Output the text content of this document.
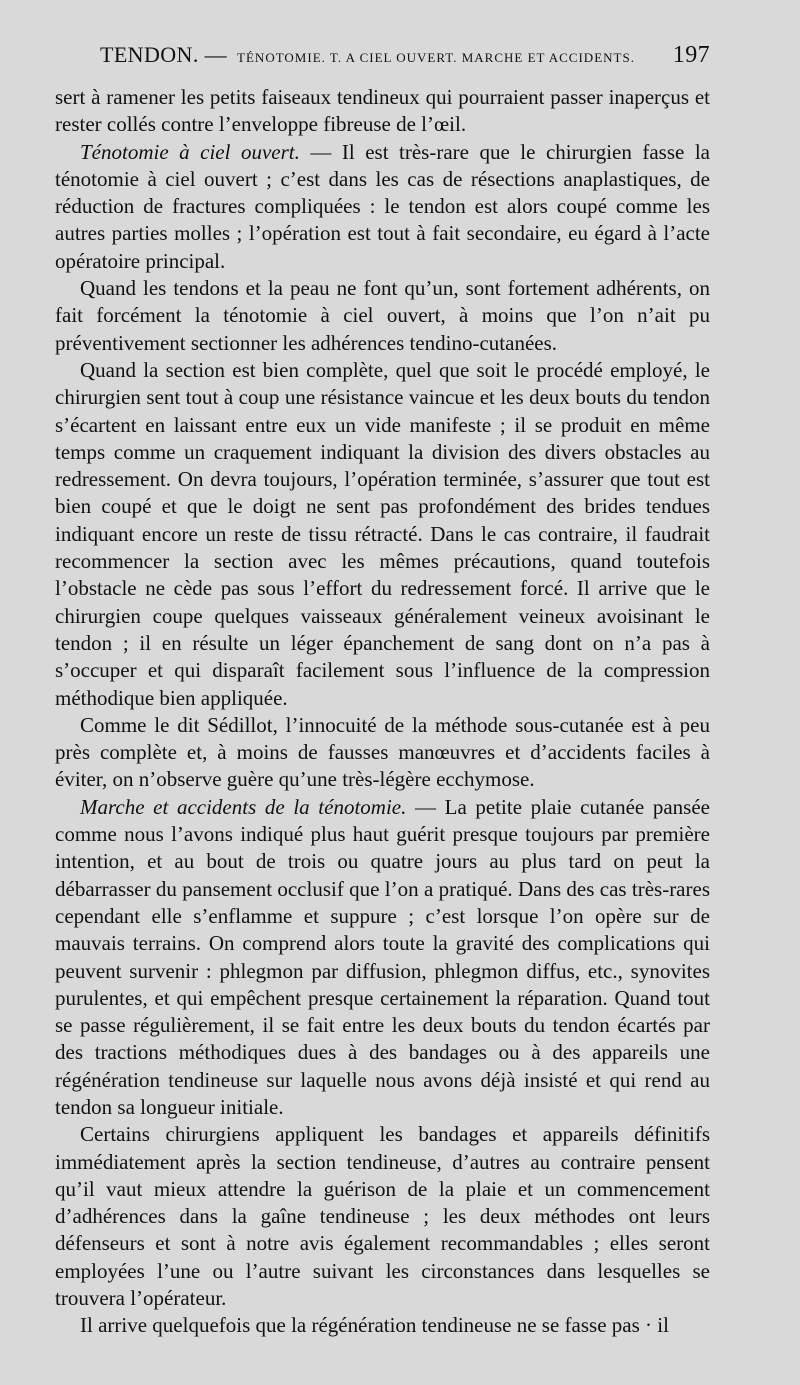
TENDON. — TÉNOTOMIE. T. A CIEL OUVERT. MARCHE ET ACCIDENTS.	197

sert à ramener les petits faiseaux tendineux qui pourraient passer inaperçus et rester collés contre l’enveloppe fibreuse de l’œil.

Ténotomie à ciel ouvert. — Il est très-rare que le chirurgien fasse la ténotomie à ciel ouvert ; c’est dans les cas de résections anaplastiques, de réduction de fractures compliquées : le tendon est alors coupé comme les autres parties molles ; l’opération est tout à fait secondaire, eu égard à l’acte opératoire principal.

Quand les tendons et la peau ne font qu’un, sont fortement adhérents, on fait forcément la ténotomie à ciel ouvert, à moins que l’on n’ait pu préventivement sectionner les adhérences tendino-cutanées.

Quand la section est bien complète, quel que soit le procédé employé, le chirurgien sent tout à coup une résistance vaincue et les deux bouts du tendon s’écartent en laissant entre eux un vide manifeste ; il se produit en même temps comme un craquement indiquant la division des divers obstacles au redressement. On devra toujours, l’opération terminée, s’assurer que tout est bien coupé et que le doigt ne sent pas profondément des brides tendues indiquant encore un reste de tissu rétracté. Dans le cas contraire, il faudrait recommencer la section avec les mêmes précautions, quand toutefois l’obstacle ne cède pas sous l’effort du redressement forcé. Il arrive que le chirurgien coupe quelques vaisseaux généralement veineux avoisinant le tendon ; il en résulte un léger épanchement de sang dont on n’a pas à s’occuper et qui disparaît facilement sous l’influence de la compression méthodique bien appliquée.

Comme le dit Sédillot, l’innocuité de la méthode sous-cutanée est à peu près complète et, à moins de fausses manœuvres et d’accidents faciles à éviter, on n’observe guère qu’une très-légère ecchymose.

Marche et accidents de la ténotomie. — La petite plaie cutanée pansée comme nous l’avons indiqué plus haut guérit presque toujours par première intention, et au bout de trois ou quatre jours au plus tard on peut la débarrasser du pansement occlusif que l’on a pratiqué. Dans des cas très-rares cependant elle s’enflamme et suppure ; c’est lorsque l’on opère sur de mauvais terrains. On comprend alors toute la gravité des complications qui peuvent survenir : phlegmon par diffusion, phlegmon diffus, etc., synovites purulentes, et qui empêchent presque certainement la réparation. Quand tout se passe régulièrement, il se fait entre les deux bouts du tendon écartés par des tractions méthodiques dues à des bandages ou à des appareils une régénération tendineuse sur laquelle nous avons déjà insisté et qui rend au tendon sa longueur initiale.

Certains chirurgiens appliquent les bandages et appareils définitifs immédiatement après la section tendineuse, d’autres au contraire pensent qu’il vaut mieux attendre la guérison de la plaie et un commencement d’adhérences dans la gaîne tendineuse ; les deux méthodes ont leurs défenseurs et sont à notre avis également recommandables ; elles seront employées l’une ou l’autre suivant les circonstances dans lesquelles se trouvera l’opérateur.

Il arrive quelquefois que la régénération tendineuse ne se fasse pas · il
